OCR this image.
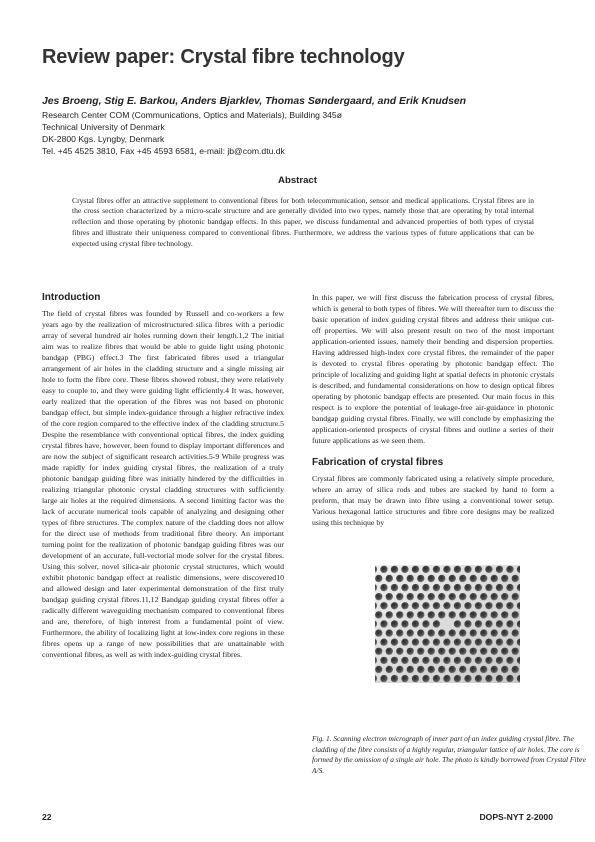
Review paper: Crystal fibre technology
Jes Broeng, Stig E. Barkou, Anders Bjarklev, Thomas Søndergaard, and Erik Knudsen
Research Center COM (Communications, Optics and Materials), Building 345ø
Technical University of Denmark
DK-2800 Kgs. Lyngby, Denmark
Tel. +45 4525 3810, Fax +45 4593 6581, e-mail: jb@com.dtu.dk
Abstract

Crystal fibres offer an attractive supplement to conventional fibres for both telecommunication, sensor and medical applications. Crystal fibres are in the cross section characterized by a micro-scale structure and are generally divided into two types, namely those that are operating by total internal reflection and those operating by photonic bandgap effects. In this paper, we discuss fundamental and advanced properties of both types of crystal fibres and illustrate their uniqueness compared to conventional fibres. Furthermore, we address the various types of future applications that can be expected using crystal fibre technology.

Introduction

The field of crystal fibres was founded by Russell and co-workers a few years ago by the realization of microstructured silica fibres with a periodic array of several hundred air holes running down their length.1,2 The initial aim was to realize fibres that would be able to guide light using photonic bandgap (PBG) effect.3 The first fabricated fibres used a triangular arrangement of air holes in the cladding structure and a single missing air hole to form the fibre core. These fibres showed robust, they were relatively easy to couple to, and they were guiding light efficiently.4 It was, however, early realized that the operation of the fibres was not based on photonic bandgap effect, but simple index-guidance through a higher refractive index of the core region compared to the effective index of the cladding structure.5 Despite the resemblance with conventional optical fibres, the index guiding crystal fibres have, however, been found to display important differences and are now the subject of significant research activities.5-9 While progress was made rapidly for index guiding crystal fibres, the realization of a truly photonic bandgap guiding fibre was initially hindered by the difficulties in realizing triangular photonic crystal cladding structures with sufficiently large air holes at the required dimensions. A second limiting factor was the lack of accurate numerical tools capable of analyzing and designing other types of fibre structures. The complex nature of the cladding does not allow for the direct use of methods from traditional fibre theory. An important turning point for the realization of photonic bandgap guiding fibres was our development of an accurate, full-vectorial mode solver for the crystal fibres. Using this solver, novel silica-air photonic crystal structures, which would exhibit photonic bandgap effect at realistic dimensions, were discovered10 and allowed design and later experimental demonstration of the first truly bandgap guiding crystal fibres.11,12 Bandgap guiding crystal fibres offer a radically different waveguiding mechanism compared to conventional fibres and are, therefore, of high interest from a fundamental point of view. Furthermore, the ability of localizing light at low-index core regions in these fibres opens up a range of new possibilities that are unattainable with conventional fibres, as well as with index-guiding crystal fibres.

In this paper, we will first discuss the fabrication process of crystal fibres, which is general to both types of fibres. We will thereafter turn to discuss the basic operation of index guiding crystal fibres and address their unique cut-off properties. We will also present result on two of the most important application-oriented issues, namely their bending and dispersion properties. Having addressed high-index core crystal fibres, the remainder of the paper is devoted to crystal fibres operating by photonic bandgap effect. The principle of localizing and guiding light at spatial defects in photonic crystals is described, and fundamental considerations on how to design optical fibres operating by photonic bandgap effects are presented. Our main focus in this respect is to explore the potential of leakage-free air-guidance in photonic bandgap guiding crystal fibres. Finally, we will conclude by emphasizing the application-oriented prospects of crystal fibres and outline a series of their future applications as we seen them.

Fabrication of crystal fibres

Crystal fibres are commonly fabricated using a relatively simple procedure, where an array of silica rods and tubes are stacked by hand to form a preform, that may be drawn into fibre using a conventional tower setup. Various hexagonal lattice structures and fibre core designs may be realized using this technique by

Fig. 1. Scanning electron micrograph of inner part of an index guiding crystal fibre. The cladding of the fibre consists of a highly regular, triangular lattice of air holes. The core is formed by the omission of a single air hole. The photo is kindly borrowed from Crystal Fibre A/S.

22	DOPS-NYT 2-2000
